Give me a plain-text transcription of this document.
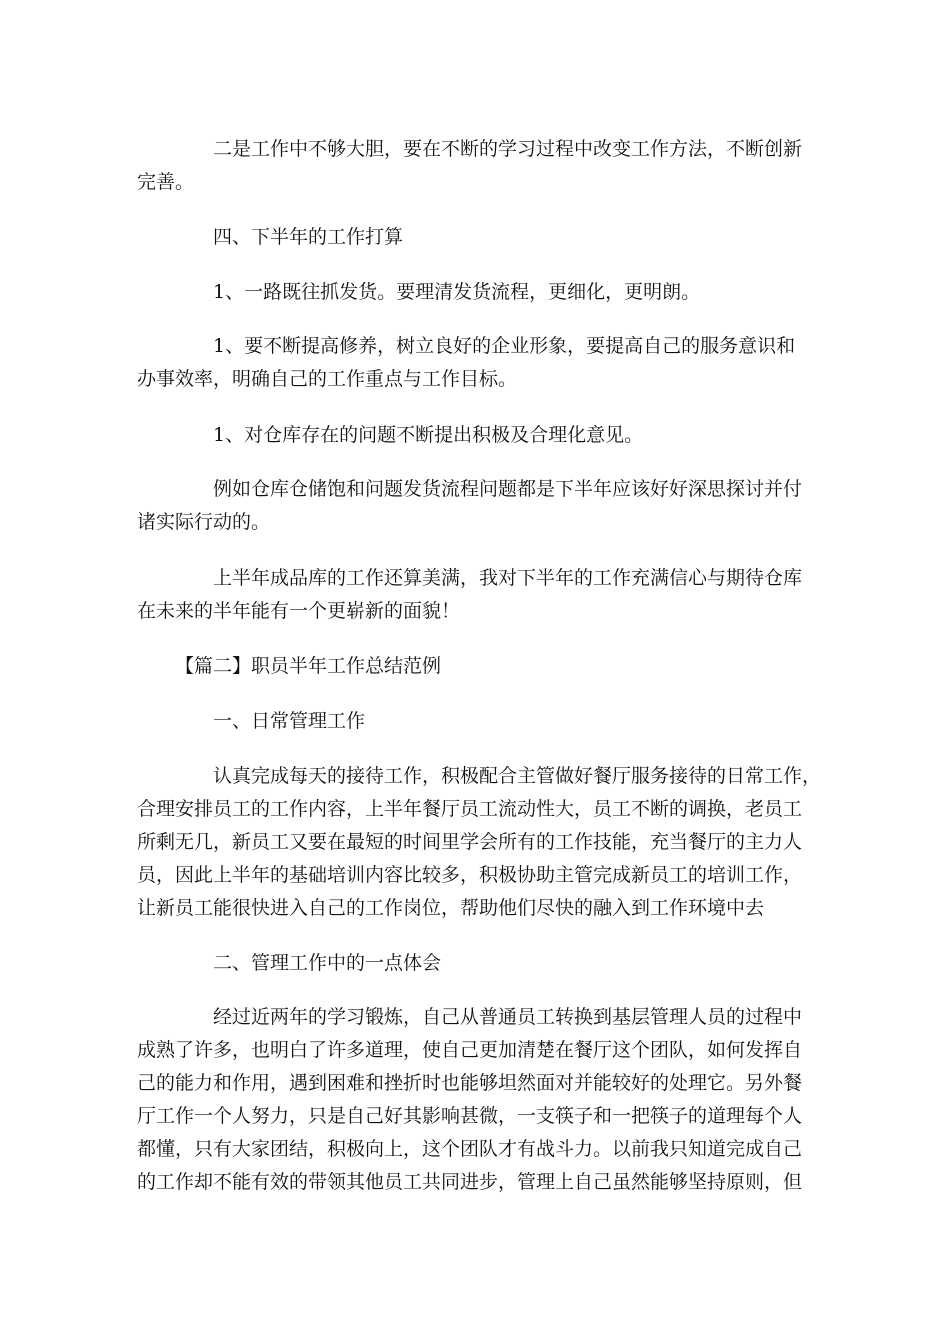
二是工作中不够大胆，要在不断的学习过程中改变工作方法，不断创新
完善。
四、下半年的工作打算
1、一路既往抓发货。要理清发货流程，更细化，更明朗。
1、要不断提高修养，树立良好的企业形象，要提高自己的服务意识和
办事效率，明确自己的工作重点与工作目标。
1、对仓库存在的问题不断提出积极及合理化意见。
例如仓库仓储饱和问题发货流程问题都是下半年应该好好深思探讨并付
诸实际行动的。
上半年成品库的工作还算美满，我对下半年的工作充满信心与期待仓库
在未来的半年能有一个更崭新的面貌！
【篇二】职员半年工作总结范例
一、日常管理工作
认真完成每天的接待工作，积极配合主管做好餐厅服务接待的日常工作，
合理安排员工的工作内容，上半年餐厅员工流动性大，员工不断的调换，老员工
所剩无几，新员工又要在最短的时间里学会所有的工作技能，充当餐厅的主力人
员，因此上半年的基础培训内容比较多，积极协助主管完成新员工的培训工作，
让新员工能很快进入自己的工作岗位，帮助他们尽快的融入到工作环境中去
二、管理工作中的一点体会
经过近两年的学习锻炼，自己从普通员工转换到基层管理人员的过程中
成熟了许多，也明白了许多道理，使自己更加清楚在餐厅这个团队，如何发挥自
己的能力和作用，遇到困难和挫折时也能够坦然面对并能较好的处理它。另外餐
厅工作一个人努力，只是自己好其影响甚微，一支筷子和一把筷子的道理每个人
都懂，只有大家团结，积极向上，这个团队才有战斗力。以前我只知道完成自己
的工作却不能有效的带领其他员工共同进步，管理上自己虽然能够坚持原则，但
